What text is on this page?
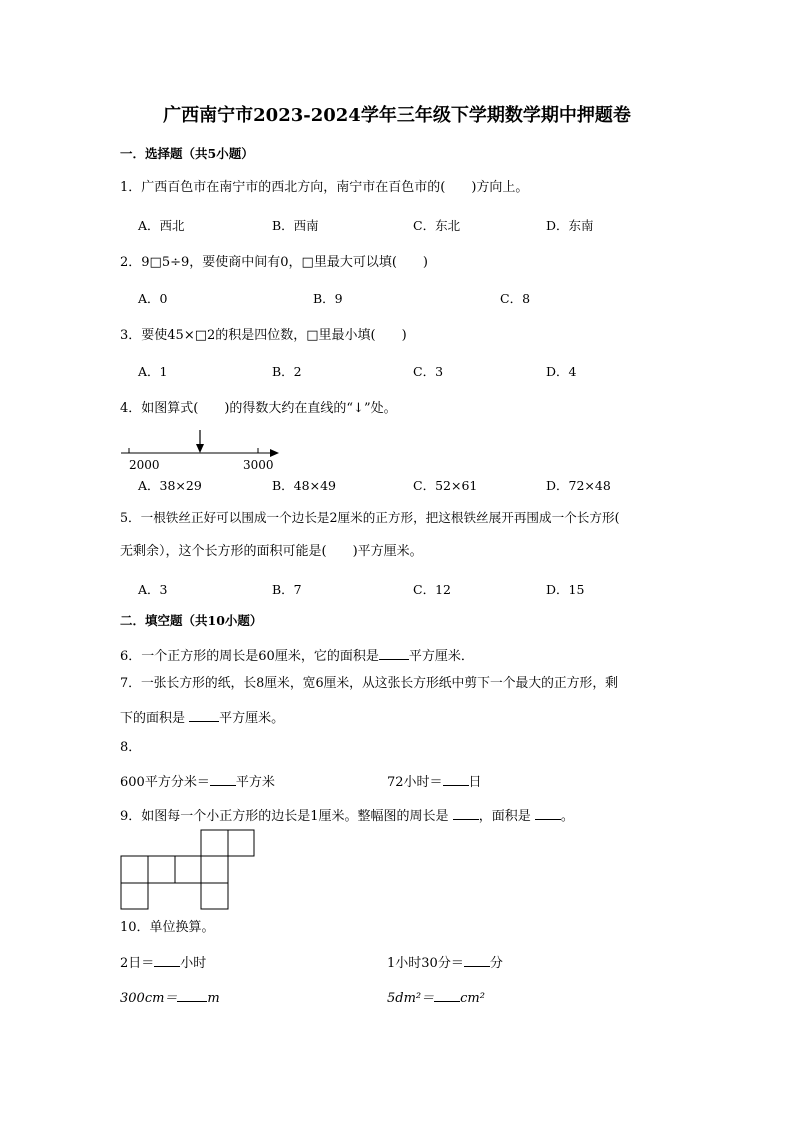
广西南宁市2023-2024学年三年级下学期数学期中押题卷
一．选择题（共5小题）
1．广西百色市在南宁市的西北方向，南宁市在百色市的(　　)方向上。
A．西北	B．西南	C．东北	D．东南
2．9□5÷9，要使商中间有0，□里最大可以填(　　)
A．0	B．9	C．8
3．要使45×□2的积是四位数，□里最小填(　　)
A．1	B．2	C．3	D．4
4．如图算式(　　)的得数大约在直线的“↓”处。
2000	3000
A．38×29	B．48×49	C．52×61	D．72×48
5．一根铁丝正好可以围成一个边长是2厘米的正方形，把这根铁丝展开再围成一个长方形(
无剩余），这个长方形的面积可能是(　　)平方厘米。
A．3	B．7	C．12	D．15
二．填空题（共10小题）
6．一个正方形的周长是60厘米，它的面积是 平方厘米．
7．一张长方形的纸，长8厘米，宽6厘米，从这张长方形纸中剪下一个最大的正方形，剩
下的面积是 平方厘米。
8．
600平方分米＝ 平方米	72小时＝ 日
9．如图每一个小正方形的边长是1厘米。整幅图的周长是 ，面积是 。
10．单位换算。
2日＝ 小时	1小时30分＝ 分
300cm＝ m	5dm²＝ cm²
